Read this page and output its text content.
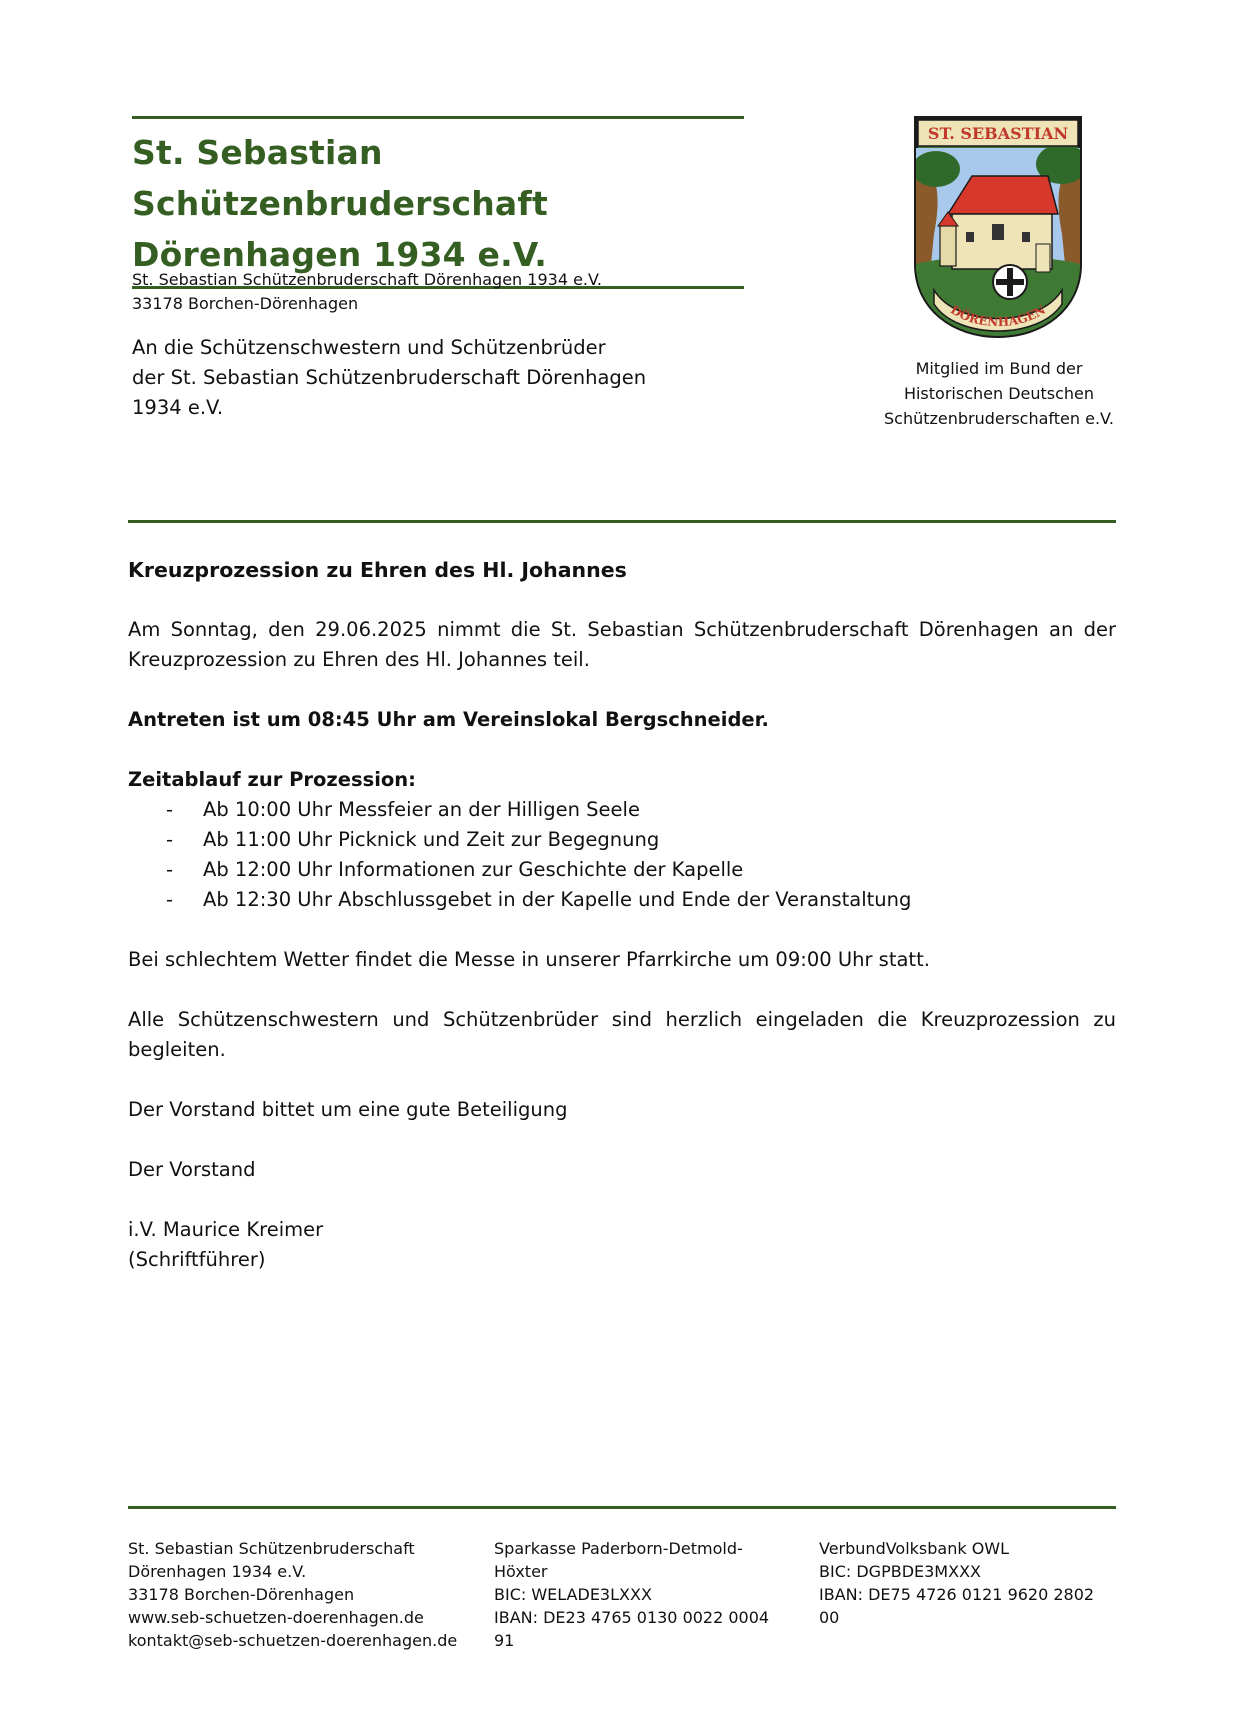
St. Sebastian Schützenbruderschaft
Dörenhagen 1934 e.V.
St. Sebastian Schützenbruderschaft Dörenhagen 1934 e.V.
33178 Borchen-Dörenhagen
An die Schützenschwestern und Schützenbrüder
der St. Sebastian Schützenbruderschaft Dörenhagen
1934 e.V.
ST. SEBASTIAN
DÖRENHAGEN
Mitglied im Bund der
Historischen Deutschen
Schützenbruderschaften e.V.

Kreuzprozession zu Ehren des Hl. Johannes

Am Sonntag, den 29.06.2025 nimmt die St. Sebastian Schützenbruderschaft Dörenhagen an der Kreuzprozession zu Ehren des Hl. Johannes teil.

Antreten ist um 08:45 Uhr am Vereinslokal Bergschneider.

Zeitablauf zur Prozession:

- Ab 10:00 Uhr Messfeier an der Hilligen Seele
- Ab 11:00 Uhr Picknick und Zeit zur Begegnung
- Ab 12:00 Uhr Informationen zur Geschichte der Kapelle
- Ab 12:30 Uhr Abschlussgebet in der Kapelle und Ende der Veranstaltung

Bei schlechtem Wetter findet die Messe in unserer Pfarrkirche um 09:00 Uhr statt.

Alle Schützenschwestern und Schützenbrüder sind herzlich eingeladen die Kreuzprozession zu begleiten.

Der Vorstand bittet um eine gute Beteiligung

Der Vorstand

i.V. Maurice Kreimer

(Schriftführer)

St. Sebastian Schützenbruderschaft
Dörenhagen 1934 e.V.
33178 Borchen-Dörenhagen
www.seb-schuetzen-doerenhagen.de
kontakt@seb-schuetzen-doerenhagen.de
Sparkasse Paderborn-Detmold-
Höxter
BIC: WELADE3LXXX
IBAN: DE23 4765 0130 0022 0004 91
VerbundVolksbank OWL
BIC: DGPBDE3MXXX
IBAN: DE75 4726 0121 9620 2802 00
